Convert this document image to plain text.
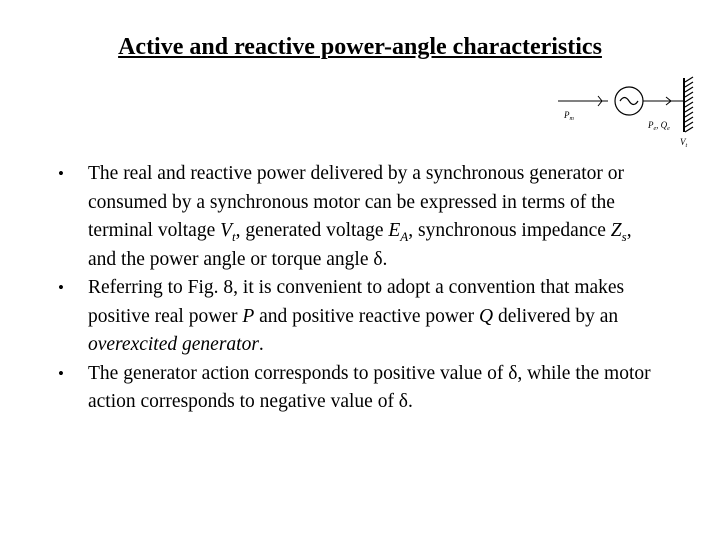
Active and reactive power-angle characteristics
$P_m$
$P_e$, $Q_e$
$V_t$
• The real and reactive power delivered by a synchronous generator or consumed by a synchronous motor can be expressed in terms of the terminal voltage $V_t$, generated voltage $E_A$, synchronous impedance $Z_s$, and the power angle or torque angle δ.
• Referring to Fig. 8, it is convenient to adopt a convention that makes positive real power P and positive reactive power Q delivered by an overexcited generator.
• The generator action corresponds to positive value of δ, while the motor action corresponds to negative value of δ.
